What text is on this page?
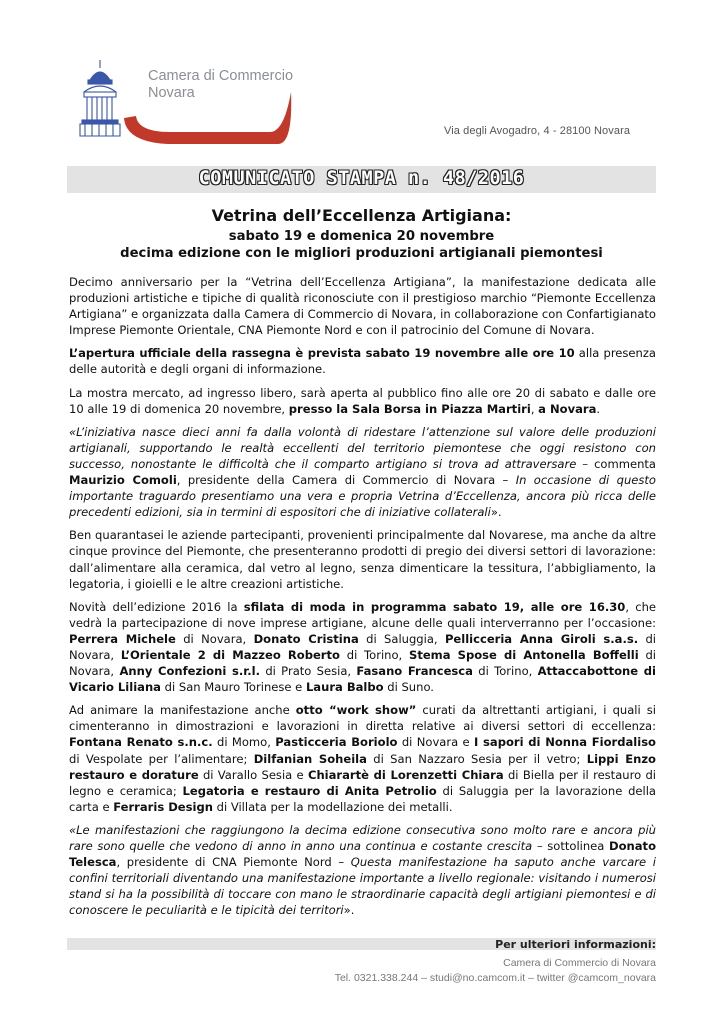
Camera di Commercio
Novara
Via degli Avogadro, 4 - 28100 Novara
COMUNICATO STAMPA n. 48/2016
Vetrina dell’Eccellenza Artigiana:
sabato 19 e domenica 20 novembre
decima edizione con le migliori produzioni artigianali piemontesi

Decimo anniversario per la “Vetrina dell’Eccellenza Artigiana”, la manifestazione dedicata alle produzioni artistiche e tipiche di qualità riconosciute con il prestigioso marchio “Piemonte Eccellenza Artigiana” e organizzata dalla Camera di Commercio di Novara, in collaborazione con Confartigianato Imprese Piemonte Orientale, CNA Piemonte Nord e con il patrocinio del Comune di Novara.

L’apertura ufficiale della rassegna è prevista sabato 19 novembre alle ore 10 alla presenza delle autorità e degli organi di informazione.

La mostra mercato, ad ingresso libero, sarà aperta al pubblico fino alle ore 20 di sabato e dalle ore 10 alle 19 di domenica 20 novembre, presso la Sala Borsa in Piazza Martiri, a Novara.

«L’iniziativa nasce dieci anni fa dalla volontà di ridestare l’attenzione sul valore delle produzioni artigianali, supportando le realtà eccellenti del territorio piemontese che oggi resistono con successo, nonostante le difficoltà che il comparto artigiano si trova ad attraversare – commenta Maurizio Comoli, presidente della Camera di Commercio di Novara – In occasione di questo importante traguardo presentiamo una vera e propria Vetrina d’Eccellenza, ancora più ricca delle precedenti edizioni, sia in termini di espositori che di iniziative collaterali».

Ben quarantasei le aziende partecipanti, provenienti principalmente dal Novarese, ma anche da altre cinque province del Piemonte, che presenteranno prodotti di pregio dei diversi settori di lavorazione: dall’alimentare alla ceramica, dal vetro al legno, senza dimenticare la tessitura, l’abbigliamento, la legatoria, i gioielli e le altre creazioni artistiche.

Novità dell’edizione 2016 la sfilata di moda in programma sabato 19, alle ore 16.30, che vedrà la partecipazione di nove imprese artigiane, alcune delle quali interverranno per l’occasione: Perrera Michele di Novara, Donato Cristina di Saluggia, Pellicceria Anna Giroli s.a.s. di Novara, L’Orientale 2 di Mazzeo Roberto di Torino, Stema Spose di Antonella Boffelli di Novara, Anny Confezioni s.r.l. di Prato Sesia, Fasano Francesca di Torino, Attaccabottone di Vicario Liliana di San Mauro Torinese e Laura Balbo di Suno.

Ad animare la manifestazione anche otto “work show” curati da altrettanti artigiani, i quali si cimenteranno in dimostrazioni e lavorazioni in diretta relative ai diversi settori di eccellenza: Fontana Renato s.n.c. di Momo, Pasticceria Boriolo di Novara e I sapori di Nonna Fiordaliso di Vespolate per l’alimentare; Dilfanian Soheila di San Nazzaro Sesia per il vetro; Lippi Enzo restauro e dorature di Varallo Sesia e Chiarartè di Lorenzetti Chiara di Biella per il restauro di legno e ceramica; Legatoria e restauro di Anita Petrolio di Saluggia per la lavorazione della carta e Ferraris Design di Villata per la modellazione dei metalli.

«Le manifestazioni che raggiungono la decima edizione consecutiva sono molto rare e ancora più rare sono quelle che vedono di anno in anno una continua e costante crescita – sottolinea Donato Telesca, presidente di CNA Piemonte Nord – Questa manifestazione ha saputo anche varcare i confini territoriali diventando una manifestazione importante a livello regionale: visitando i numerosi stand si ha la possibilità di toccare con mano le straordinarie capacità degli artigiani piemontesi e di conoscere le peculiarità e le tipicità dei territori».

Per ulteriori informazioni:
Camera di Commercio di Novara
Tel. 0321.338.244 – studi@no.camcom.it – twitter @camcom_novara
